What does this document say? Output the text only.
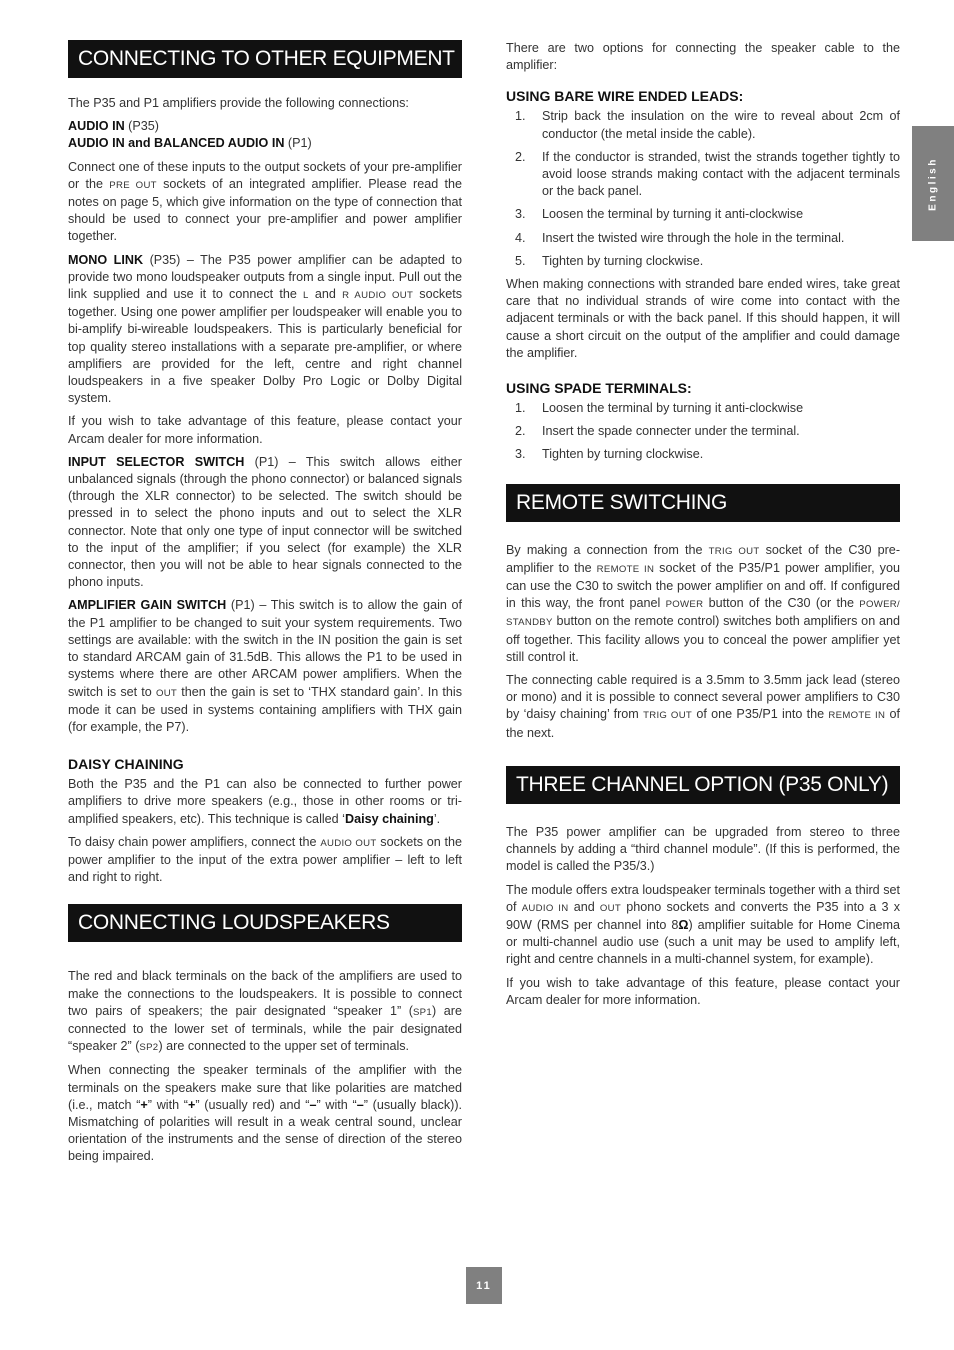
English
CONNECTING TO OTHER EQUIPMENT

The P35 and P1 amplifiers provide the following connections:

AUDIO IN (P35)
AUDIO IN and BALANCED AUDIO IN (P1)

Connect one of these inputs to the output sockets of your pre-amplifier or the PRE OUT sockets of an integrated amplifier. Please read the notes on page 5, which give information on the type of connection that should be used to connect your pre-amplifier and power amplifier together.

MONO LINK (P35) – The P35 power amplifier can be adapted to provide two mono loudspeaker outputs from a single input. Pull out the link supplied and use it to connect the L and R AUDIO OUT sockets together. Using one power amplifier per loudspeaker will enable you to bi-amplify bi-wireable loudspeakers. This is particularly beneficial for top quality stereo installations with a separate pre-amplifier, or where amplifiers are provided for the left, centre and right channel loudspeakers in a five speaker Dolby Pro Logic or Dolby Digital system.

If you wish to take advantage of this feature, please contact your Arcam dealer for more information.

INPUT SELECTOR SWITCH (P1) – This switch allows either unbalanced signals (through the phono connector) or balanced signals (through the XLR connector) to be selected. The switch should be pressed in to select the phono inputs and out to select the XLR connector. Note that only one type of input connector will be switched to the input of the amplifier; if you select (for example) the XLR connector, then you will not be able to hear signals connected to the phono inputs.

AMPLIFIER GAIN SWITCH (P1) – This switch is to allow the gain of the P1 amplifier to be changed to suit your system requirements. Two settings are available: with the switch in the IN position the gain is set to standard ARCAM gain of 31.5dB. This allows the P1 to be used in systems where there are other ARCAM power amplifiers. When the switch is set to OUT then the gain is set to ‘THX standard gain’. In this mode it can be used in systems containing amplifiers with THX gain (for example, the P7).

DAISY CHAINING

Both the P35 and the P1 can also be connected to further power amplifiers to drive more speakers (e.g., those in other rooms or tri-amplified speakers, etc). This technique is called ‘Daisy chaining’.

To daisy chain power amplifiers, connect the AUDIO OUT sockets on the power amplifier to the input of the extra power amplifier – left to left and right to right.

CONNECTING LOUDSPEAKERS

The red and black terminals on the back of the amplifiers are used to make the connections to the loudspeakers. It is possible to connect two pairs of speakers; the pair designated “speaker 1” (SP1) are connected to the lower set of terminals, while the pair designated “speaker 2” (SP2) are connected to the upper set of terminals.

When connecting the speaker terminals of the amplifier with the terminals on the speakers make sure that like polarities are matched (i.e., match “+” with “+” (usually red) and “–” with “–” (usually black)). Mismatching of polarities will result in a weak central sound, unclear orientation of the instruments and the sense of direction of the stereo being impaired.

There are two options for connecting the speaker cable to the amplifier:

USING BARE WIRE ENDED LEADS:
1. Strip back the insulation on the wire to reveal about 2cm of conductor (the metal inside the cable).
2. If the conductor is stranded, twist the strands together tightly to avoid loose strands making contact with the adjacent terminals or the back panel.
3. Loosen the terminal by turning it anti-clockwise
4. Insert the twisted wire through the hole in the terminal.
5. Tighten by turning clockwise.

When making connections with stranded bare ended wires, take great care that no individual strands of wire come into contact with the adjacent terminals or with the back panel. If this should happen, it will cause a short circuit on the output of the amplifier and could damage the amplifier.

USING SPADE TERMINALS:
1. Loosen the terminal by turning it anti-clockwise
2. Insert the spade connecter under the terminal.
3. Tighten by turning clockwise.
REMOTE SWITCHING

By making a connection from the TRIG OUT socket of the C30 pre-amplifier to the REMOTE IN socket of the P35/P1 power amplifier, you can use the C30 to switch the power amplifier on and off. If configured in this way, the front panel POWER button of the C30 (or the POWER/ STANDBY button on the remote control) switches both amplifiers on and off together. This facility allows you to conceal the power amplifier yet still control it.

The connecting cable required is a 3.5mm to 3.5mm jack lead (stereo or mono) and it is possible to connect several power amplifiers to C30 by ‘daisy chaining’ from TRIG OUT of one P35/P1 into the REMOTE IN of the next.

THREE CHANNEL OPTION (P35 ONLY)

The P35 power amplifier can be upgraded from stereo to three channels by adding a “third channel module”. (If this is performed, the model is called the P35/3.)

The module offers extra loudspeaker terminals together with a third set of AUDIO IN and OUT phono sockets and converts the P35 into a 3 x 90W (RMS per channel into 8Ω) amplifier suitable for Home Cinema or multi-channel audio use (such a unit may be used to amplify left, right and centre channels in a multi-channel system, for example).

If you wish to take advantage of this feature, please contact your Arcam dealer for more information.

11
